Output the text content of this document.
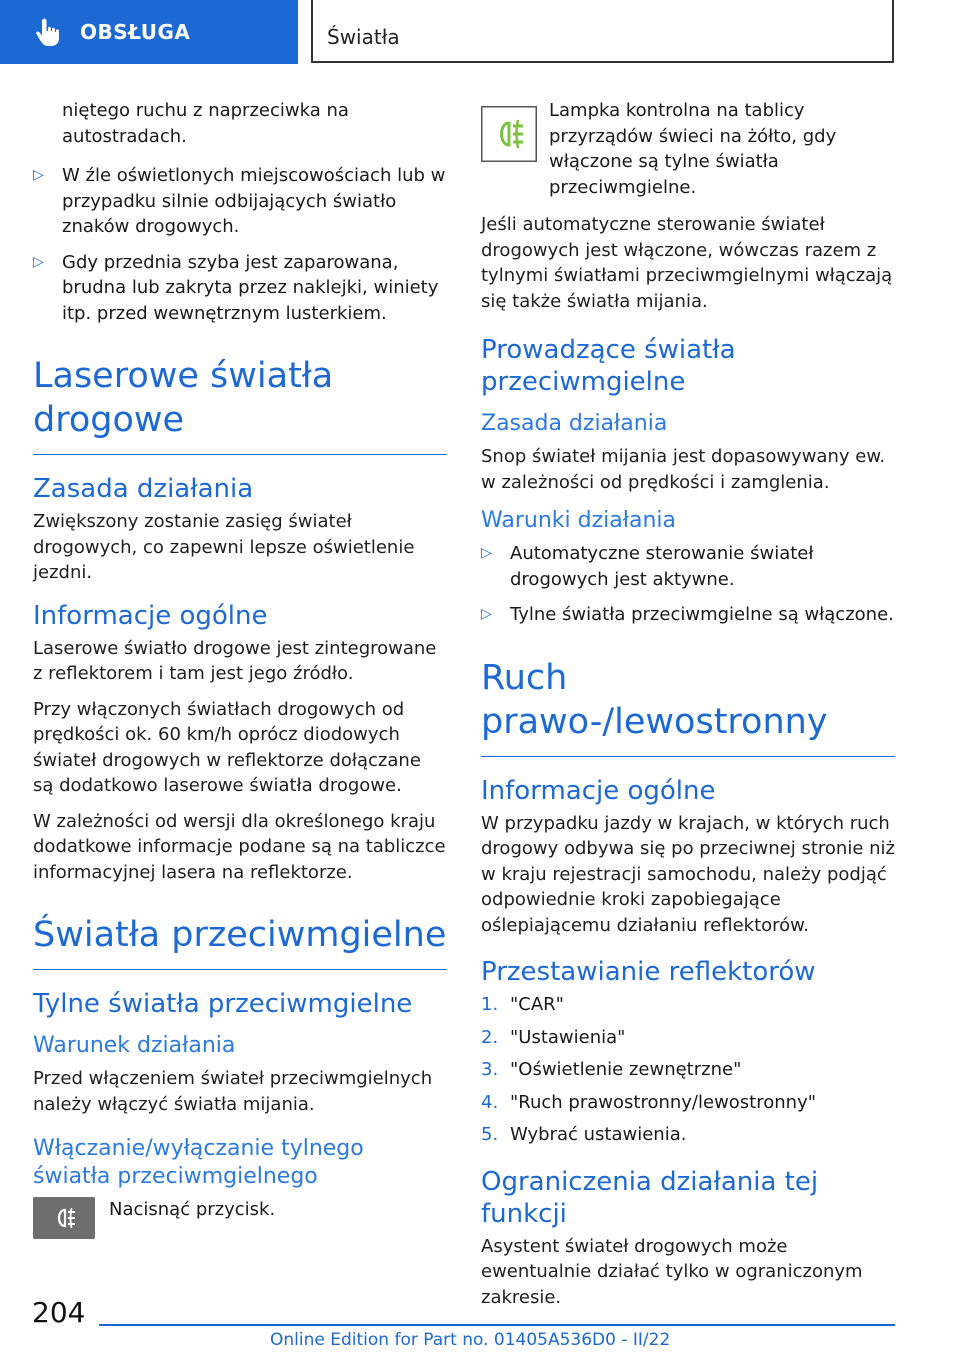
OBSŁUGA	Światła
niętego ruchu z naprzeciwka na autostradach.
▷ W źle oświetlonych miejscowościach lub w przypadku silnie odbijających światło znaków drogowych.
▷ Gdy przednia szyba jest zaparowana, brudna lub zakryta przez naklejki, winiety itp. przed wewnętrznym lusterkiem.
Laserowe światła drogowe
Zasada działania

Zwiększony zostanie zasięg świateł drogowych, co zapewni lepsze oświetlenie jezdni.

Informacje ogólne

Laserowe światło drogowe jest zintegrowane z reflektorem i tam jest jego źródło.

Przy włączonych światłach drogowych od prędkości ok. 60 km/h oprócz diodowych świateł drogowych w reflektorze dołączane są dodatkowo laserowe światła drogowe.

W zależności od wersji dla określonego kraju dodatkowe informacje podane są na tabliczce informacyjnej lasera na reflektorze.

Światła przeciwmgielne
Tylne światła przeciwmgielne
Warunek działania

Przed włączeniem świateł przeciwmgielnych należy włączyć światła mijania.

Włączanie/wyłączanie tylnego światła przeciwmgielnego
Nacisnąć przycisk.
Lampka kontrolna na tablicy przyrządów świeci na żółto, gdy włączone są tylne światła przeciwmgielne.

Jeśli automatyczne sterowanie świateł drogowych jest włączone, wówczas razem z tylnymi światłami przeciwmgielnymi włączają się także światła mijania.

Prowadzące światła przeciwmgielne
Zasada działania

Snop świateł mijania jest dopasowywany ew. w zależności od prędkości i zamglenia.

Warunki działania
▷ Automatyczne sterowanie świateł drogowych jest aktywne.
▷ Tylne światła przeciwmgielne są włączone.
Ruch prawo-/lewostronny
Informacje ogólne

W przypadku jazdy w krajach, w których ruch drogowy odbywa się po przeciwnej stronie niż w kraju rejestracji samochodu, należy podjąć odpowiednie kroki zapobiegające oślepiającemu działaniu reflektorów.

Przestawianie reflektorów
1. "CAR"
2. "Ustawienia"
3. "Oświetlenie zewnętrzne"
4. "Ruch prawostronny/lewostronny"
5. Wybrać ustawienia.
Ograniczenia działania tej funkcji

Asystent świateł drogowych może ewentualnie działać tylko w ograniczonym zakresie.

204
Online Edition for Part no. 01405A536D0 - II/22
